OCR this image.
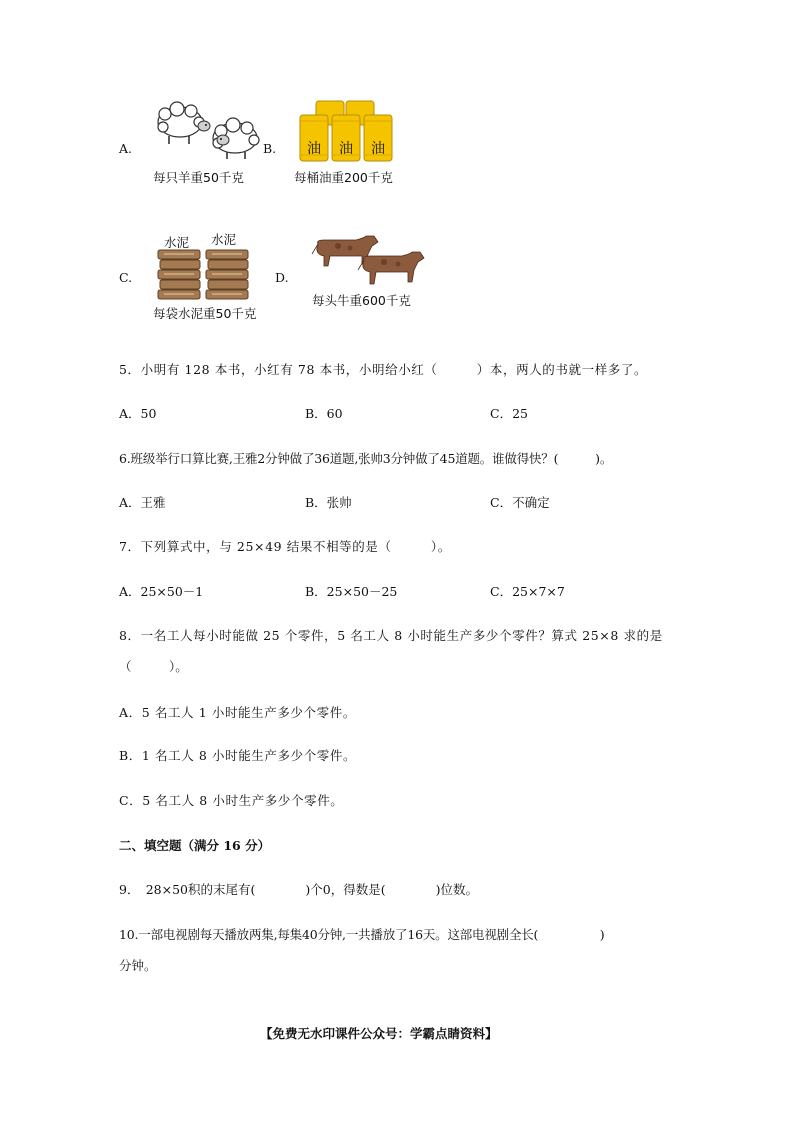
A.
每只羊重50千克
B. 油 油 油
每桶油重200千克
C.
水泥 水泥
每袋水泥重50千克
D.
每头牛重600千克
5．小明有 128 本书，小红有 78 本书，小明给小红（　　　）本，两人的书就一样多了。
A．50	B．60	C．25
6.班级举行口算比赛,王雅2分钟做了36道题,张帅3分钟做了45道题。谁做得快？(　　　)。
A．王雅	B．张帅	C．不确定
7．下列算式中，与 25×49 结果不相等的是（　　　）。
A．25×50－1	B．25×50－25	C．25×7×7
8．一名工人每小时能做 25 个零件，5 名工人 8 小时能生产多少个零件？算式 25×8 求的是
（　　　）。
A．5 名工人 1 小时能生产多少个零件。
B．1 名工人 8 小时能生产多少个零件。
C．5 名工人 8 小时生产多少个零件。
二、填空题（满分 16 分）
9．　28×50积的末尾有(　　　　)个0，得数是(　　　　)位数。
10.一部电视剧每天播放两集,每集40分钟,一共播放了16天。这部电视剧全长(　　　　　)
分钟。
【免费无水印课件公众号：学霸点睛资料】
